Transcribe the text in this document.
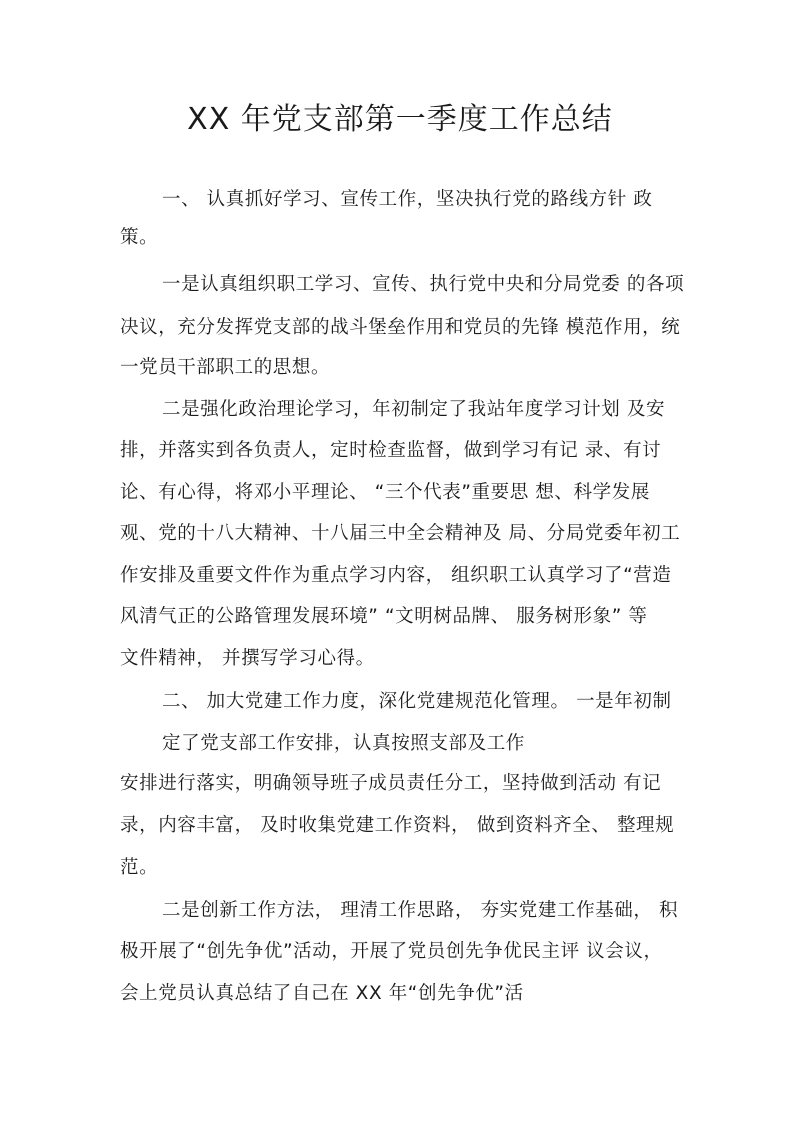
XX 年党支部第一季度工作总结
一、 认真抓好学习、宣传工作，坚决执行党的路线方针 政
策。
一是认真组织职工学习、宣传、执行党中央和分局党委 的各项
决议，充分发挥党支部的战斗堡垒作用和党员的先锋 模范作用，统
一党员干部职工的思想。
二是强化政治理论学习，年初制定了我站年度学习计划 及安
排，并落实到各负责人，定时检查监督，做到学习有记 录、有讨
论、有心得，将邓小平理论、 “三个代表”重要思 想、科学发展
观、党的十八大精神、十八届三中全会精神及 局、分局党委年初工
作安排及重要文件作为重点学习内容， 组织职工认真学习了“营造
风清气正的公路管理发展环境” “文明树品牌、 服务树形象” 等
文件精神， 并撰写学习心得。
二、 加大党建工作力度，深化党建规范化管理。 一是年初制
定了党支部工作安排，认真按照支部及工作
安排进行落实，明确领导班子成员责任分工，坚持做到活动 有记
录，内容丰富， 及时收集党建工作资料， 做到资料齐全、 整理规
范。
二是创新工作方法， 理清工作思路， 夯实党建工作基础， 积
极开展了“创先争优”活动，开展了党员创先争优民主评 议会议，
会上党员认真总结了自己在 XX 年“创先争优”活
